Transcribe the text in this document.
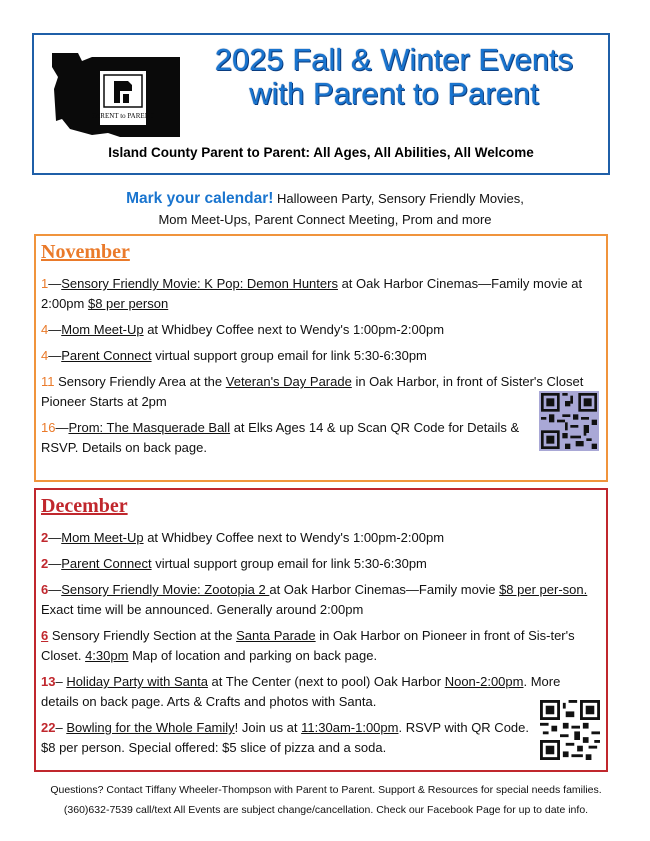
PARENT to PARENT
2025 Fall & Winter Events
with Parent to Parent
Island County Parent to Parent: All Ages, All Abilities, All Welcome
Mark your calendar! Halloween Party, Sensory Friendly Movies,
Mom Meet-Ups, Parent Connect Meeting, Prom and more
November
1—Sensory Friendly Movie: K Pop: Demon Hunters at Oak Harbor Cinemas—Family movie at 2:00pm $8 per person
4—Mom Meet-Up at Whidbey Coffee next to Wendy's 1:00pm-2:00pm
4—Parent Connect virtual support group email for link 5:30-6:30pm
11 Sensory Friendly Area at the Veteran's Day Parade in Oak Harbor, in front of Sister's Closet Pioneer Starts at 2pm
16—Prom: The Masquerade Ball at Elks Ages 14 & up Scan QR Code for Details & RSVP. Details on back page.
December
2—Mom Meet-Up at Whidbey Coffee next to Wendy's 1:00pm-2:00pm
2—Parent Connect virtual support group email for link 5:30-6:30pm
6—Sensory Friendly Movie: Zootopia 2 at Oak Harbor Cinemas—Family movie $8 per per-son. Exact time will be announced. Generally around 2:00pm
6 Sensory Friendly Section at the Santa Parade in Oak Harbor on Pioneer in front of Sis-ter's Closet. 4:30pm Map of location and parking on back page.
13– Holiday Party with Santa at The Center (next to pool) Oak Harbor Noon-2:00pm. More details on back page. Arts & Crafts and photos with Santa.
22– Bowling for the Whole Family! Join us at 11:30am-1:00pm. RSVP with QR Code. $8 per person. Special offered: $5 slice of pizza and a soda.
Questions? Contact Tiffany Wheeler-Thompson with Parent to Parent. Support & Resources for special needs families.
(360)632-7539 call/text All Events are subject change/cancellation. Check our Facebook Page for up to date info.
